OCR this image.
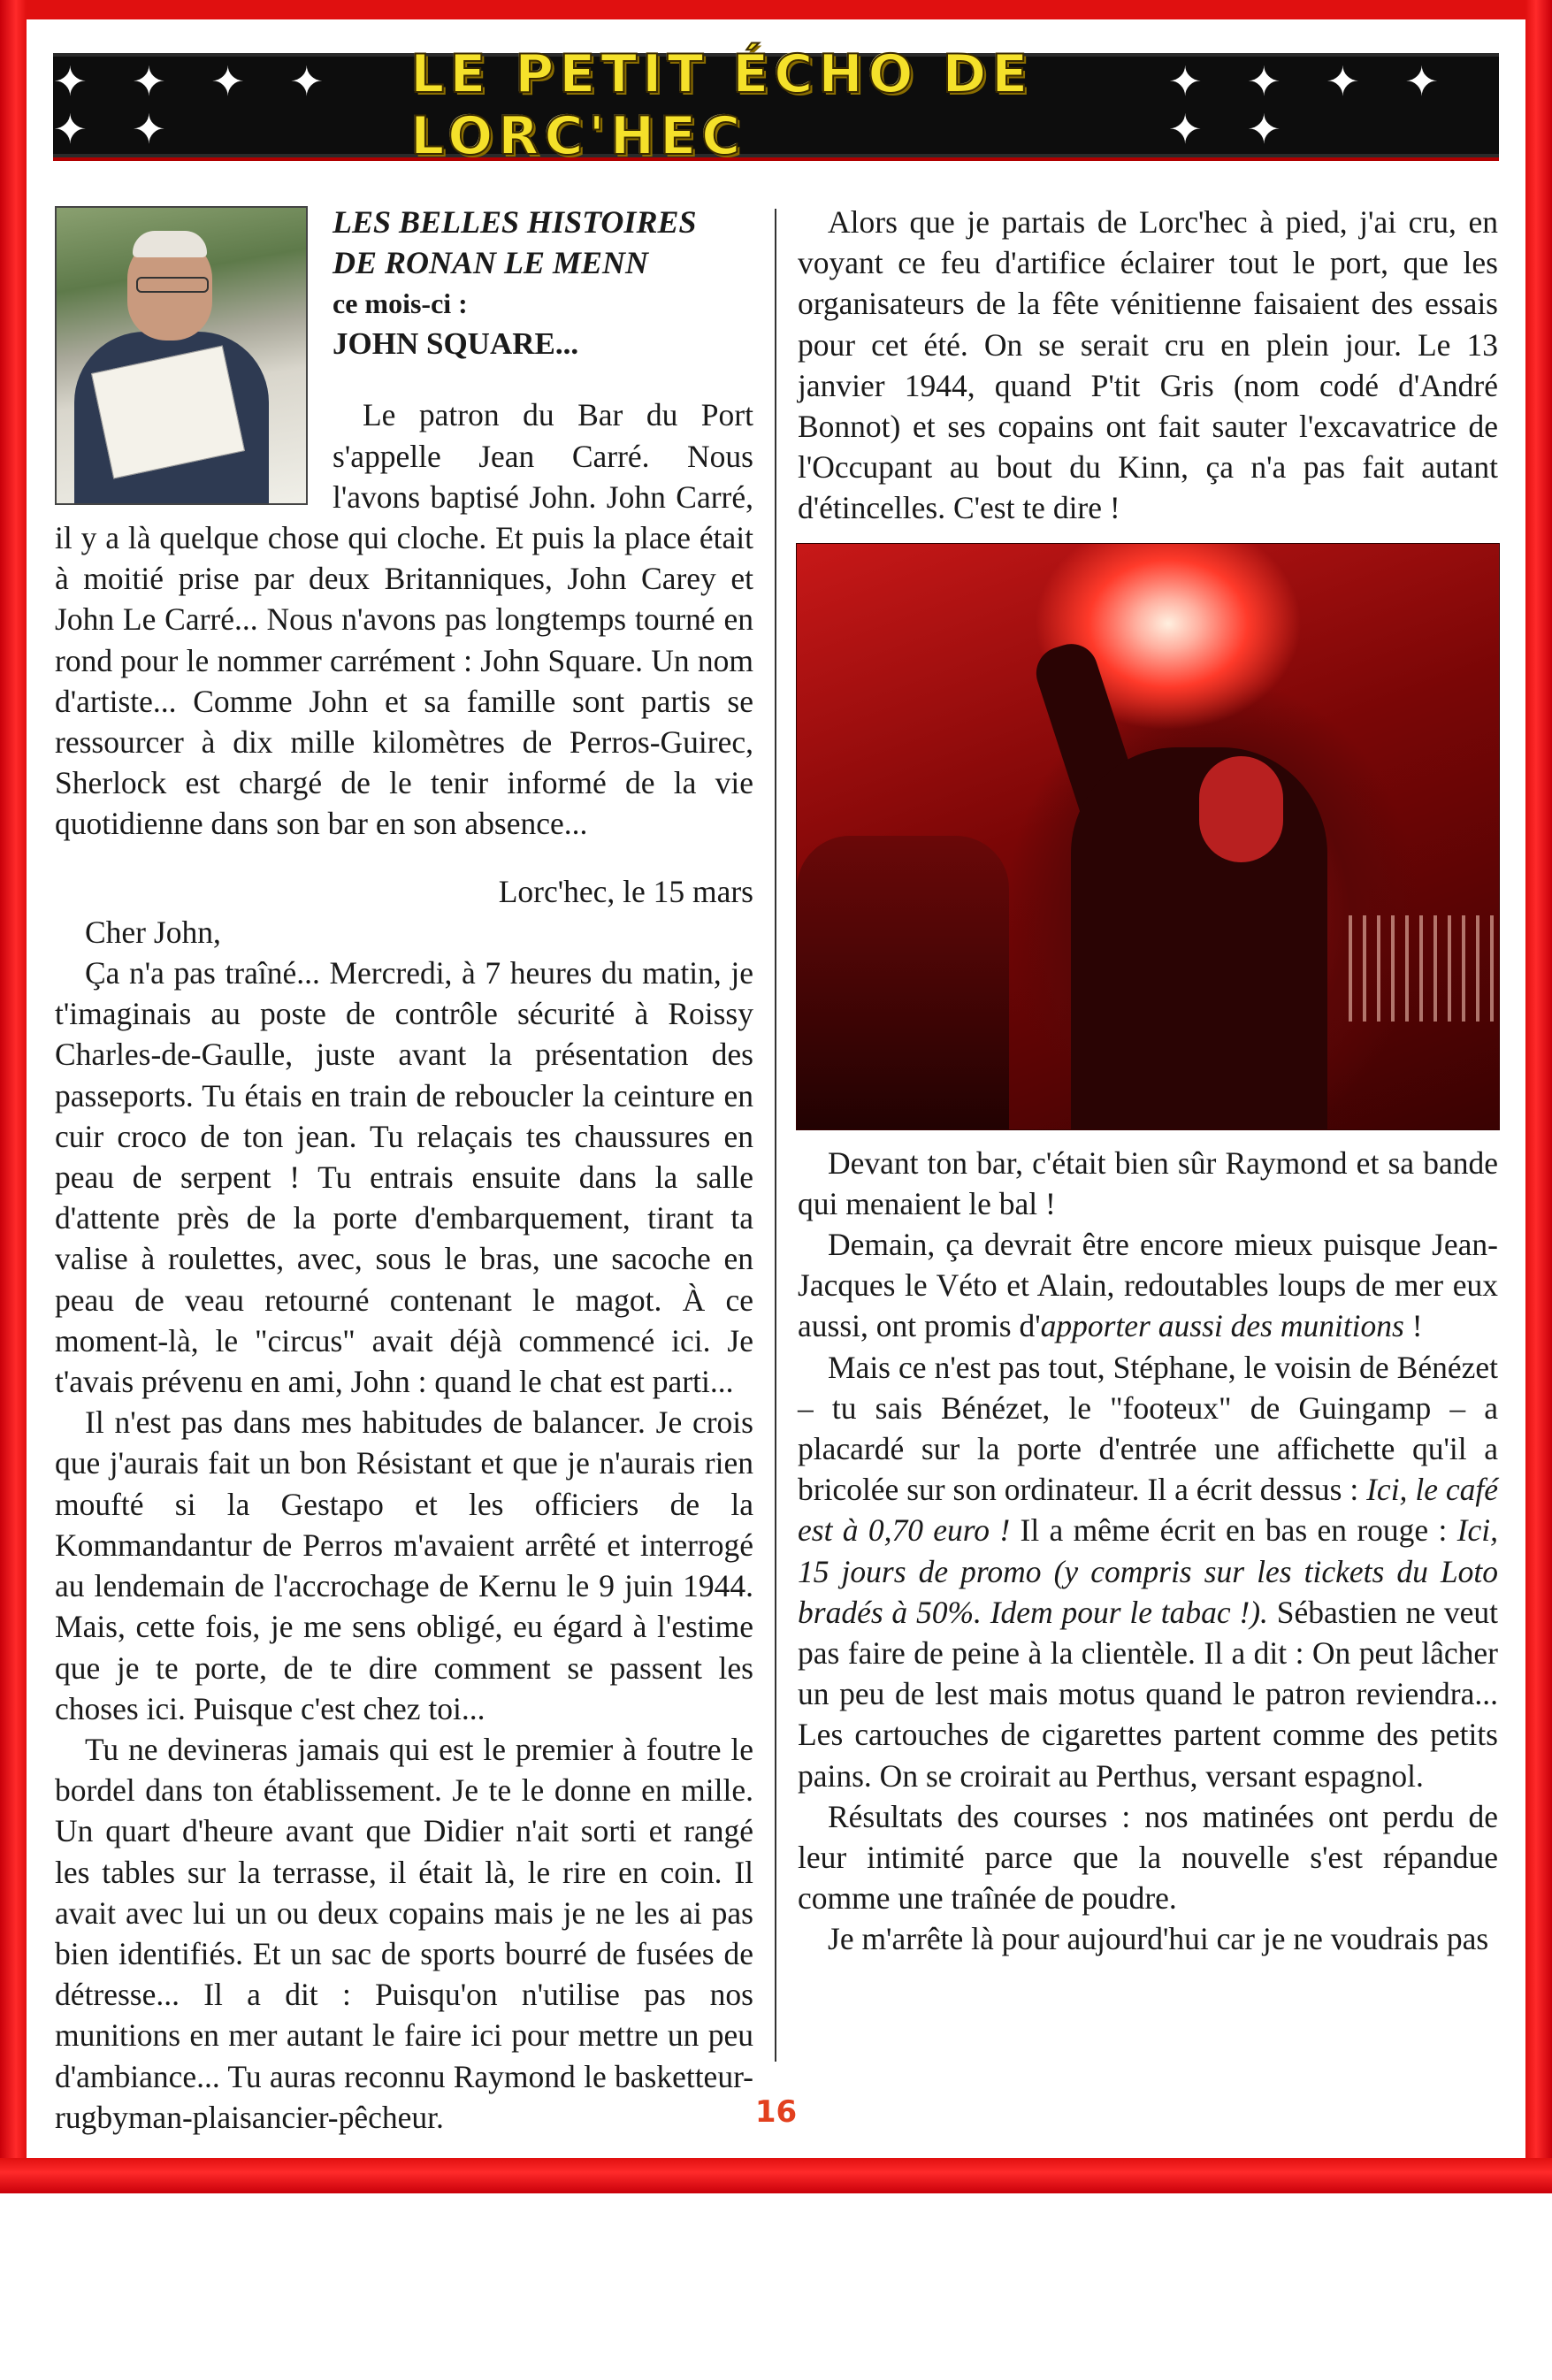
✦ ✦ ✦ ✦ ✦ ✦
LE PETIT ÉCHO DE LORC'HEC
✦ ✦ ✦ ✦ ✦ ✦

LES BELLES HISTOIRES

DE RONAN LE MENN

ce mois-ci :

JOHN SQUARE...

Le patron du Bar du Port s'appelle Jean Carré. Nous l'avons baptisé John. John Carré, il y a là quelque chose qui cloche. Et puis la place était à moitié prise par deux Britanniques, John Carey et John Le Carré... Nous n'avons pas longtemps tourné en rond pour le nommer carrément : John Square. Un nom d'artiste... Comme John et sa famille sont partis se ressourcer à dix mille kilomètres de Perros-Guirec, Sherlock est chargé de le tenir informé de la vie quotidienne dans son bar en son absence...

Lorc'hec, le 15 mars

Cher John,

Ça n'a pas traîné... Mercredi, à 7 heures du matin, je t'imaginais au poste de contrôle sécurité à Roissy Charles-de-Gaulle, juste avant la présentation des passeports. Tu étais en train de reboucler la ceinture en cuir croco de ton jean. Tu relaçais tes chaussures en peau de serpent ! Tu entrais ensuite dans la salle d'attente près de la porte d'embarquement, tirant ta valise à roulettes, avec, sous le bras, une sacoche en peau de veau retourné contenant le magot. À ce moment-là, le "circus" avait déjà commencé ici. Je t'avais prévenu en ami, John : quand le chat est parti...

Il n'est pas dans mes habitudes de balancer. Je crois que j'aurais fait un bon Résistant et que je n'aurais rien moufté si la Gestapo et les officiers de la Kommandantur de Perros m'avaient arrêté et interrogé au lendemain de l'accrochage de Kernu le 9 juin 1944. Mais, cette fois, je me sens obligé, eu égard à l'estime que je te porte, de te dire comment se passent les choses ici. Puisque c'est chez toi...

Tu ne devineras jamais qui est le premier à foutre le bordel dans ton établissement. Je te le donne en mille. Un quart d'heure avant que Didier n'ait sorti et rangé les tables sur la terrasse, il était là, le rire en coin. Il avait avec lui un ou deux copains mais je ne les ai pas bien identifiés. Et un sac de sports bourré de fusées de détresse... Il a dit : Puisqu'on n'utilise pas nos munitions en mer autant le faire ici pour mettre un peu d'ambiance... Tu auras reconnu Raymond le basketteur-rugbyman-plaisancier-pêcheur.

Alors que je partais de Lorc'hec à pied, j'ai cru, en voyant ce feu d'artifice éclairer tout le port, que les organisateurs de la fête vénitienne faisaient des essais pour cet été. On se serait cru en plein jour. Le 13 janvier 1944, quand P'tit Gris (nom codé d'André Bonnot) et ses copains ont fait sauter l'excavatrice de l'Occupant au bout du Kinn, ça n'a pas fait autant d'étincelles. C'est te dire !

Devant ton bar, c'était bien sûr Raymond et sa bande qui menaient le bal !

Demain, ça devrait être encore mieux puisque Jean-Jacques le Véto et Alain, redoutables loups de mer eux aussi, ont promis d'apporter aussi des munitions !

Mais ce n'est pas tout, Stéphane, le voisin de Bénézet – tu sais Bénézet, le "footeux" de Guingamp – a placardé sur la porte d'entrée une affichette qu'il a bricolée sur son ordinateur. Il a écrit dessus : Ici, le café est à 0,70 euro ! Il a même écrit en bas en rouge : Ici, 15 jours de promo (y compris sur les tickets du Loto bradés à 50%. Idem pour le tabac !). Sébastien ne veut pas faire de peine à la clientèle. Il a dit : On peut lâcher un peu de lest mais motus quand le patron reviendra... Les cartouches de cigarettes partent comme des petits pains. On se croirait au Perthus, versant espagnol.

Résultats des courses : nos matinées ont perdu de leur intimité parce que la nouvelle s'est répandue comme une traînée de poudre.

Je m'arrête là pour aujourd'hui car je ne voudrais pas

16
